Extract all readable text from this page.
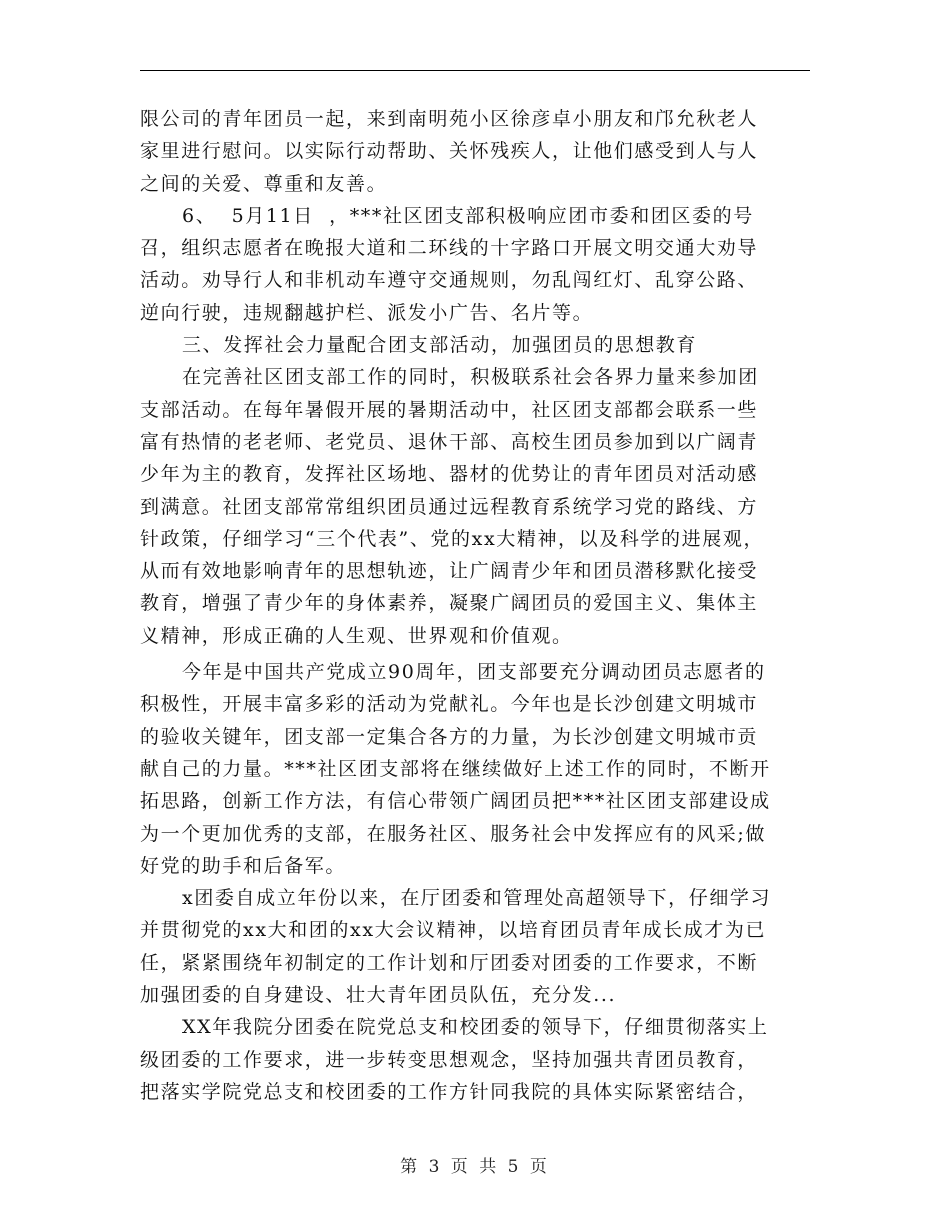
限公司的青年团员一起，来到南明苑小区徐彦卓小朋友和邝允秋老人
家里进行慰问。以实际行动帮助、关怀残疾人，让他们感受到人与人
之间的关爱、尊重和友善。
6、  5月11日  ，***社区团支部积极响应团市委和团区委的号
召，组织志愿者在晚报大道和二环线的十字路口开展文明交通大劝导
活动。劝导行人和非机动车遵守交通规则，勿乱闯红灯、乱穿公路、
逆向行驶，违规翻越护栏、派发小广告、名片等。
三、发挥社会力量配合团支部活动，加强团员的思想教育
在完善社区团支部工作的同时，积极联系社会各界力量来参加团
支部活动。在每年暑假开展的暑期活动中，社区团支部都会联系一些
富有热情的老老师、老党员、退休干部、高校生团员参加到以广阔青
少年为主的教育，发挥社区场地、器材的优势让的青年团员对活动感
到满意。社团支部常常组织团员通过远程教育系统学习党的路线、方
针政策，仔细学习“三个代表”、党的xx大精神，以及科学的进展观，
从而有效地影响青年的思想轨迹，让广阔青少年和团员潜移默化接受
教育，增强了青少年的身体素养，凝聚广阔团员的爱国主义、集体主
义精神，形成正确的人生观、世界观和价值观。
今年是中国共产党成立90周年，团支部要充分调动团员志愿者的
积极性，开展丰富多彩的活动为党献礼。今年也是长沙创建文明城市
的验收关键年，团支部一定集合各方的力量，为长沙创建文明城市贡
献自己的力量。***社区团支部将在继续做好上述工作的同时，不断开
拓思路，创新工作方法，有信心带领广阔团员把***社区团支部建设成
为一个更加优秀的支部，在服务社区、服务社会中发挥应有的风采;做
好党的助手和后备军。
x团委自成立年份以来，在厅团委和管理处高超领导下，仔细学习
并贯彻党的xx大和团的xx大会议精神，以培育团员青年成长成才为已
任，紧紧围绕年初制定的工作计划和厅团委对团委的工作要求，不断
加强团委的自身建设、壮大青年团员队伍，充分发...
XX年我院分团委在院党总支和校团委的领导下，仔细贯彻落实上
级团委的工作要求，进一步转变思想观念，坚持加强共青团员教育，
把落实学院党总支和校团委的工作方针同我院的具体实际紧密结合，
第 3 页 共 5 页
